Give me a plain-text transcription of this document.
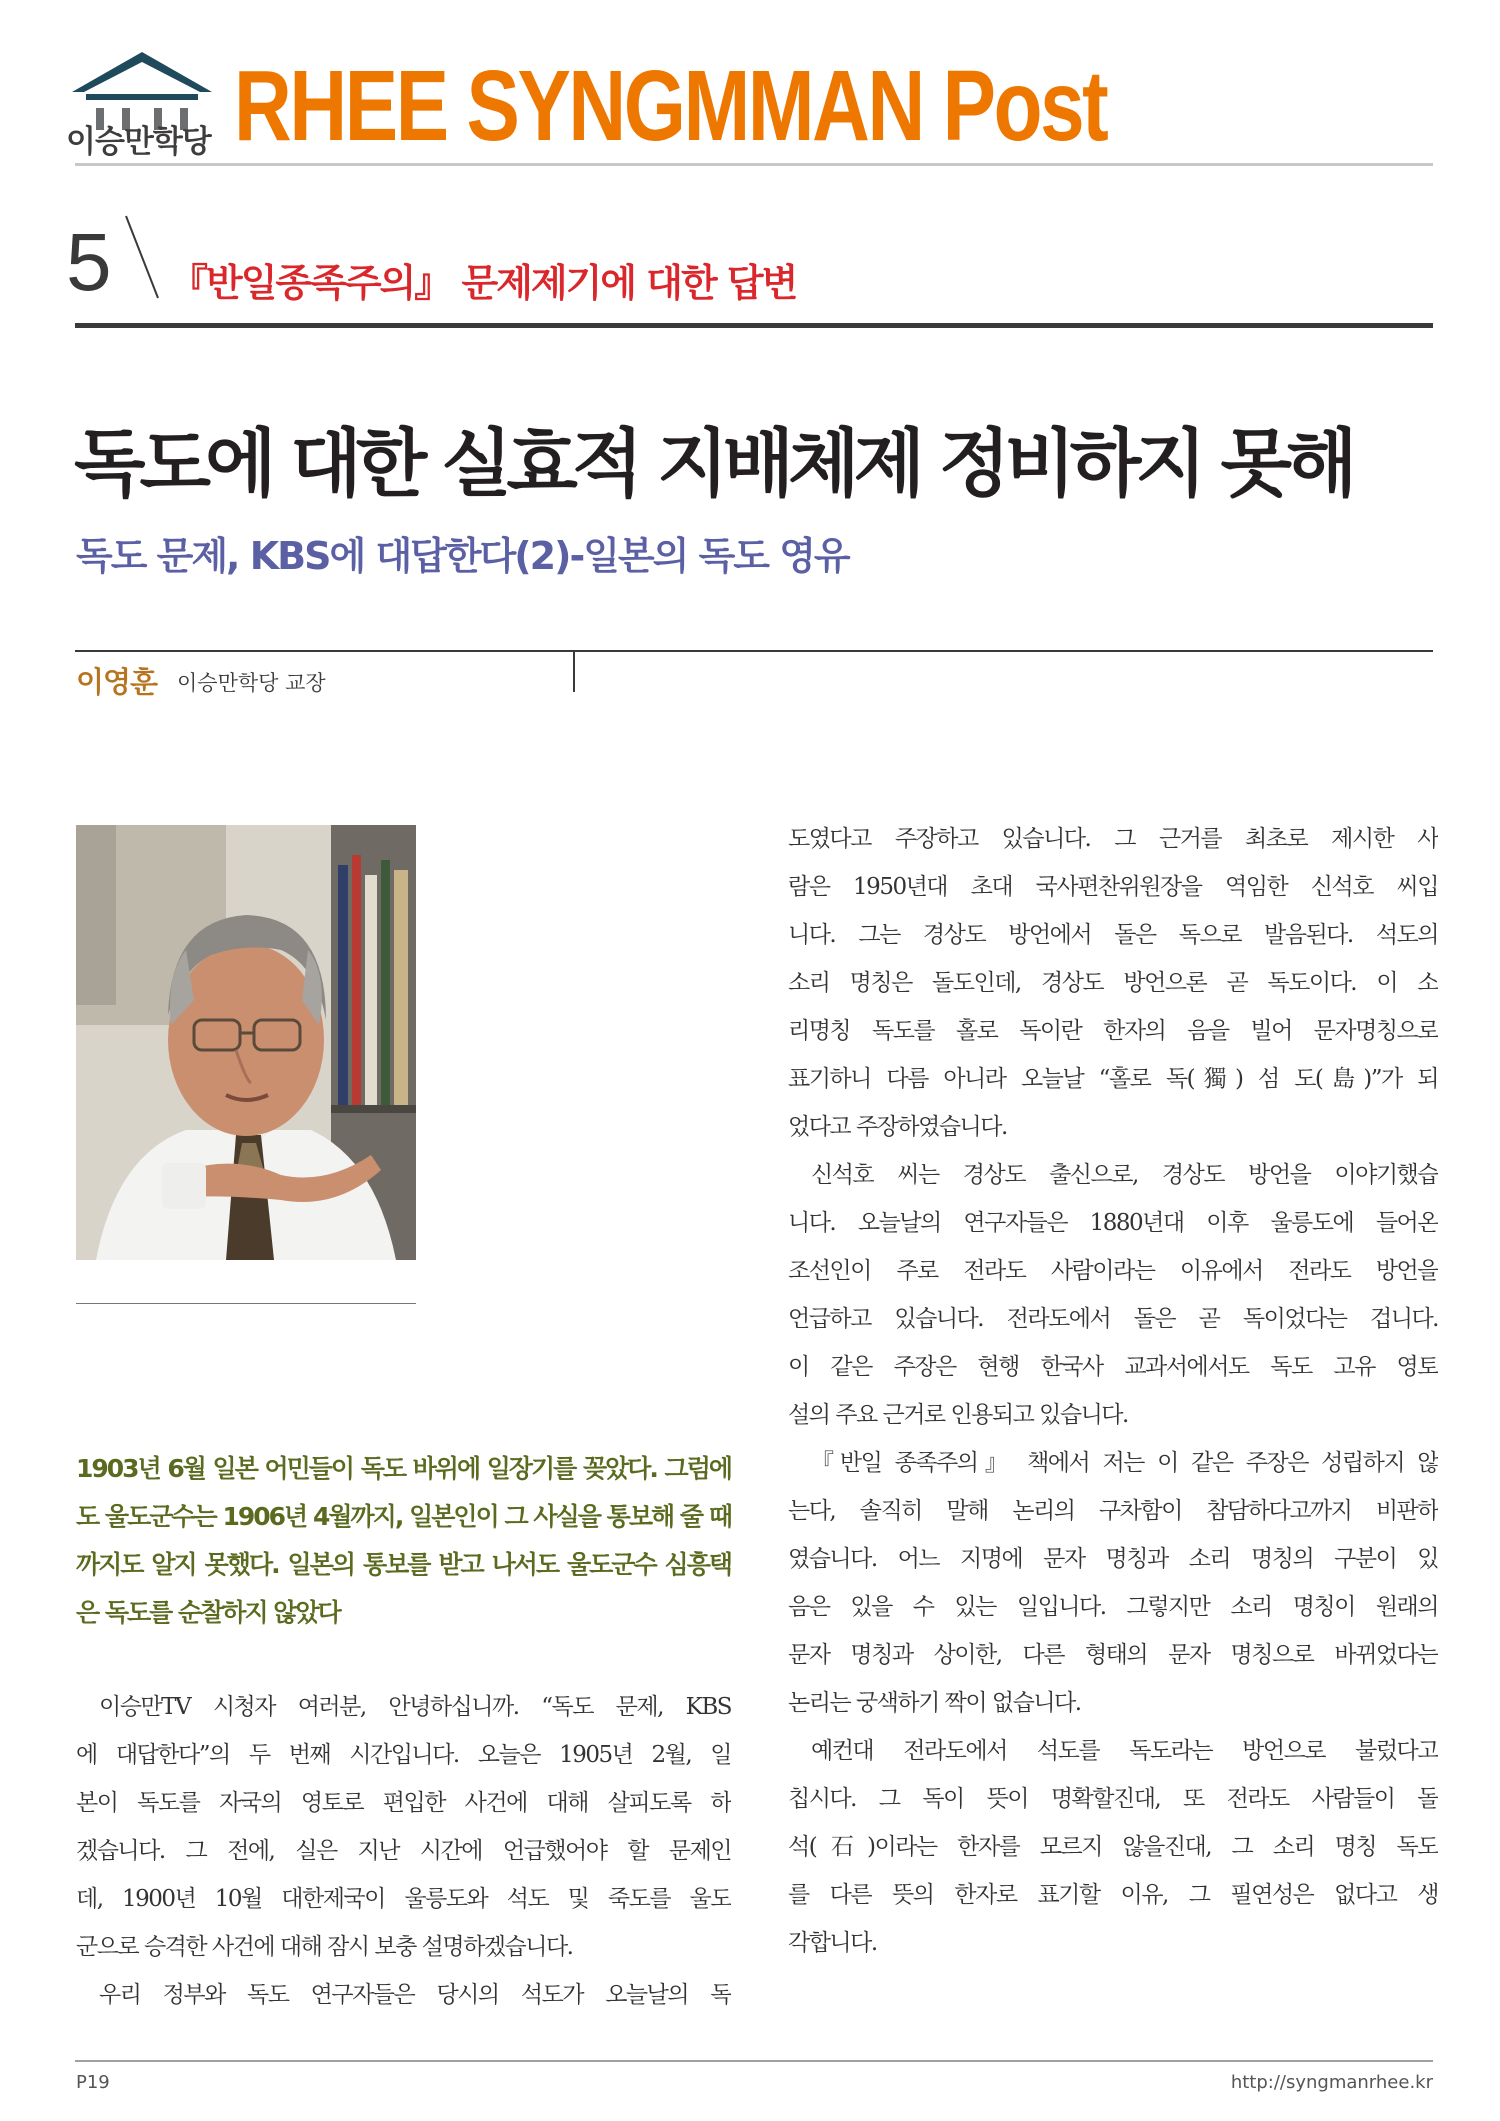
이승만학당 RHEE SYNGMMAN Post
5 『반일종족주의』 문제제기에 대한 답변
독도에 대한 실효적 지배체제 정비하지 못해
독도 문제, KBS에 대답한다(2)-일본의 독도 영유
이영훈 이승만학당 교장
1903년 6월 일본 어민들이 독도 바위에 일장기를 꽂았다. 그럼에도 울도군수는 1906년 4월까지, 일본인이 그 사실을 통보해 줄 때까지도 알지 못했다. 일본의 통보를 받고 나서도 울도군수 심흥택은 독도를 순찰하지 않았다

이승만TV 시청자 여러분, 안녕하십니까. “독도 문제, KBS

에 대답한다”의 두 번째 시간입니다. 오늘은 1905년 2월, 일

본이 독도를 자국의 영토로 편입한 사건에 대해 살피도록 하

겠습니다. 그 전에, 실은 지난 시간에 언급했어야 할 문제인

데, 1900년 10월 대한제국이 울릉도와 석도 및 죽도를 울도

군으로 승격한 사건에 대해 잠시 보충 설명하겠습니다.

우리 정부와 독도 연구자들은 당시의 석도가 오늘날의 독

도였다고 주장하고 있습니다. 그 근거를 최초로 제시한 사

람은 1950년대 초대 국사편찬위원장을 역임한 신석호 씨입

니다. 그는 경상도 방언에서 돌은 독으로 발음된다. 석도의

소리 명칭은 돌도인데, 경상도 방언으론 곧 독도이다. 이 소

리명칭 독도를 홀로 독이란 한자의 음을 빌어 문자명칭으로

표기하니 다름 아니라 오늘날 “홀로 독(獨) 섬 도(島)”가 되

었다고 주장하였습니다.

신석호 씨는 경상도 출신으로, 경상도 방언을 이야기했습

니다. 오늘날의 연구자들은 1880년대 이후 울릉도에 들어온

조선인이 주로 전라도 사람이라는 이유에서 전라도 방언을

언급하고 있습니다. 전라도에서 돌은 곧 독이었다는 겁니다.

이 같은 주장은 현행 한국사 교과서에서도 독도 고유 영토

설의 주요 근거로 인용되고 있습니다.

『반일 종족주의』 책에서 저는 이 같은 주장은 성립하지 않

는다, 솔직히 말해 논리의 구차함이 참담하다고까지 비판하

였습니다. 어느 지명에 문자 명칭과 소리 명칭의 구분이 있

음은 있을 수 있는 일입니다. 그렇지만 소리 명칭이 원래의

문자 명칭과 상이한, 다른 형태의 문자 명칭으로 바뀌었다는

논리는 궁색하기 짝이 없습니다.

예컨대 전라도에서 석도를 독도라는 방언으로 불렀다고

칩시다. 그 독이 뜻이 명확할진대, 또 전라도 사람들이 돌

석(石)이라는 한자를 모르지 않을진대, 그 소리 명칭 독도

를 다른 뜻의 한자로 표기할 이유, 그 필연성은 없다고 생

각합니다.

P19	http://syngmanrhee.kr
